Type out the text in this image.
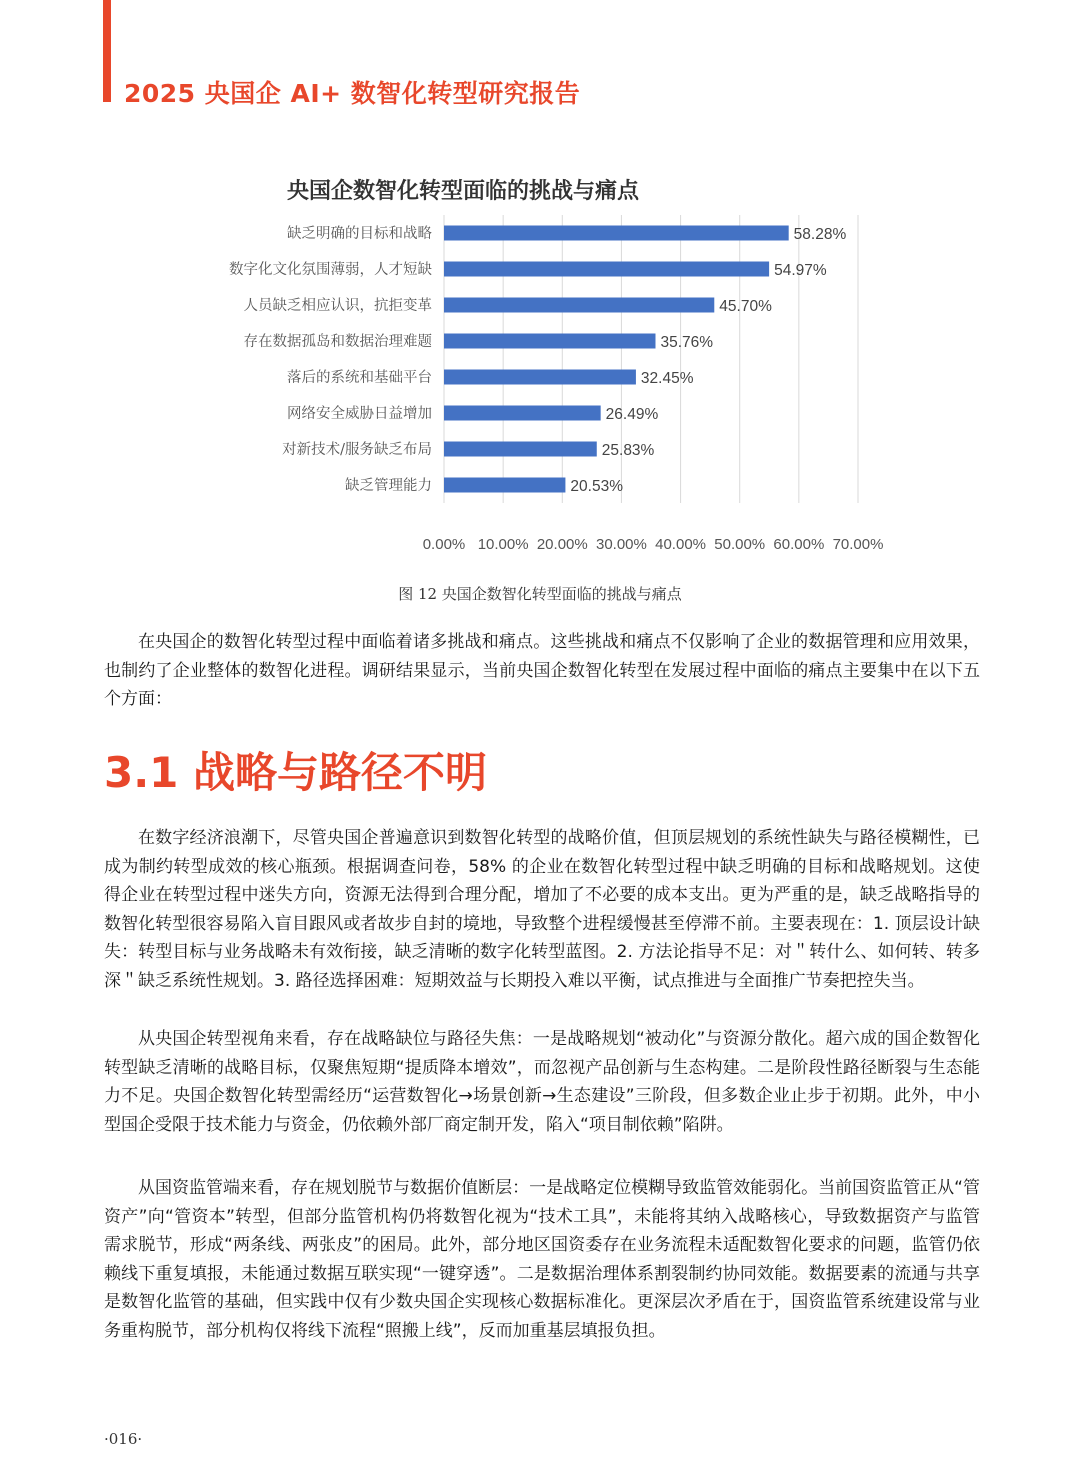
2025 央国企 AI+ 数智化转型研究报告
央国企数智化转型面临的挑战与痛点
缺乏明确的目标和战略	58.28%
数字化文化氛围薄弱，人才短缺	54.97%
人员缺乏相应认识，抗拒变革	45.70%
存在数据孤岛和数据治理难题	35.76%
落后的系统和基础平台	32.45%
网络安全威胁日益增加	26.49%
对新技术/服务缺乏布局	25.83%
缺乏管理能力	20.53%
0.00% 10.00% 20.00% 30.00% 40.00% 50.00% 60.00% 70.00%
图 12 央国企数智化转型面临的挑战与痛点

在央国企的数智化转型过程中面临着诸多挑战和痛点。这些挑战和痛点不仅影响了企业的数据管理和应用效果，也制约了企业整体的数智化进程。调研结果显示，当前央国企数智化转型在发展过程中面临的痛点主要集中在以下五个方面：

3.1 战略与路径不明

在数字经济浪潮下，尽管央国企普遍意识到数智化转型的战略价值，但顶层规划的系统性缺失与路径模糊性，已成为制约转型成效的核心瓶颈。根据调查问卷，58% 的企业在数智化转型过程中缺乏明确的目标和战略规划。这使得企业在转型过程中迷失方向，资源无法得到合理分配，增加了不必要的成本支出。更为严重的是，缺乏战略指导的数智化转型很容易陷入盲目跟风或者故步自封的境地，导致整个进程缓慢甚至停滞不前。主要表现在：1. 顶层设计缺失：转型目标与业务战略未有效衔接，缺乏清晰的数字化转型蓝图。2. 方法论指导不足：对＂转什么、如何转、转多深＂缺乏系统性规划。3. 路径选择困难：短期效益与长期投入难以平衡，试点推进与全面推广节奏把控失当。

从央国企转型视角来看，存在战略缺位与路径失焦：一是战略规划“被动化”与资源分散化。超六成的国企数智化转型缺乏清晰的战略目标，仅聚焦短期“提质降本增效”，而忽视产品创新与生态构建。二是阶段性路径断裂与生态能力不足。央国企数智化转型需经历“运营数智化→场景创新→生态建设”三阶段，但多数企业止步于初期。此外，中小型国企受限于技术能力与资金，仍依赖外部厂商定制开发，陷入“项目制依赖”陷阱。

从国资监管端来看，存在规划脱节与数据价值断层：一是战略定位模糊导致监管效能弱化。当前国资监管正从“管资产”向“管资本”转型，但部分监管机构仍将数智化视为“技术工具”，未能将其纳入战略核心，导致数据资产与监管需求脱节，形成“两条线、两张皮”的困局。此外，部分地区国资委存在业务流程未适配数智化要求的问题，监管仍依赖线下重复填报，未能通过数据互联实现“一键穿透”。二是数据治理体系割裂制约协同效能。数据要素的流通与共享是数智化监管的基础，但实践中仅有少数央国企实现核心数据标准化。更深层次矛盾在于，国资监管系统建设常与业务重构脱节，部分机构仅将线下流程“照搬上线”，反而加重基层填报负担。

·016·
